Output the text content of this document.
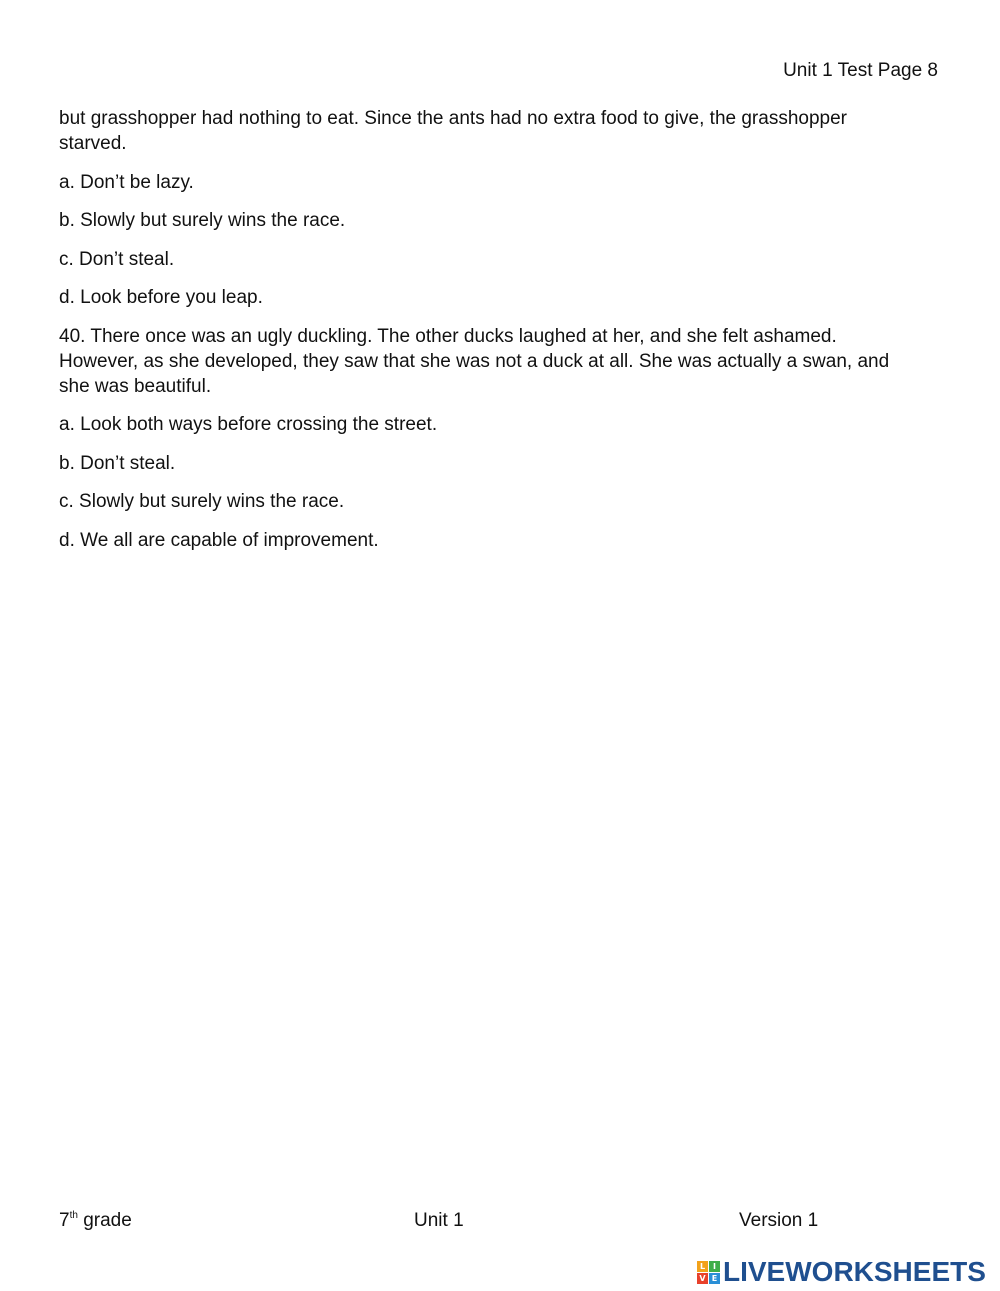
Unit 1 Test Page 8

but grasshopper had nothing to eat. Since the ants had no extra food to give, the grasshopper starved.

a. Don’t be lazy.

b. Slowly but surely wins the race.

c. Don’t steal.

d. Look before you leap.

40. There once was an ugly duckling. The other ducks laughed at her, and she felt ashamed. However, as she developed, they saw that she was not a duck at all. She was actually a swan, and she was beautiful.

a. Look both ways before crossing the street.

b. Don’t steal.

c. Slowly but surely wins the race.

d. We all are capable of improvement.

7th grade	Unit 1	Version 1
L I
V E LIVEWORKSHEETS
